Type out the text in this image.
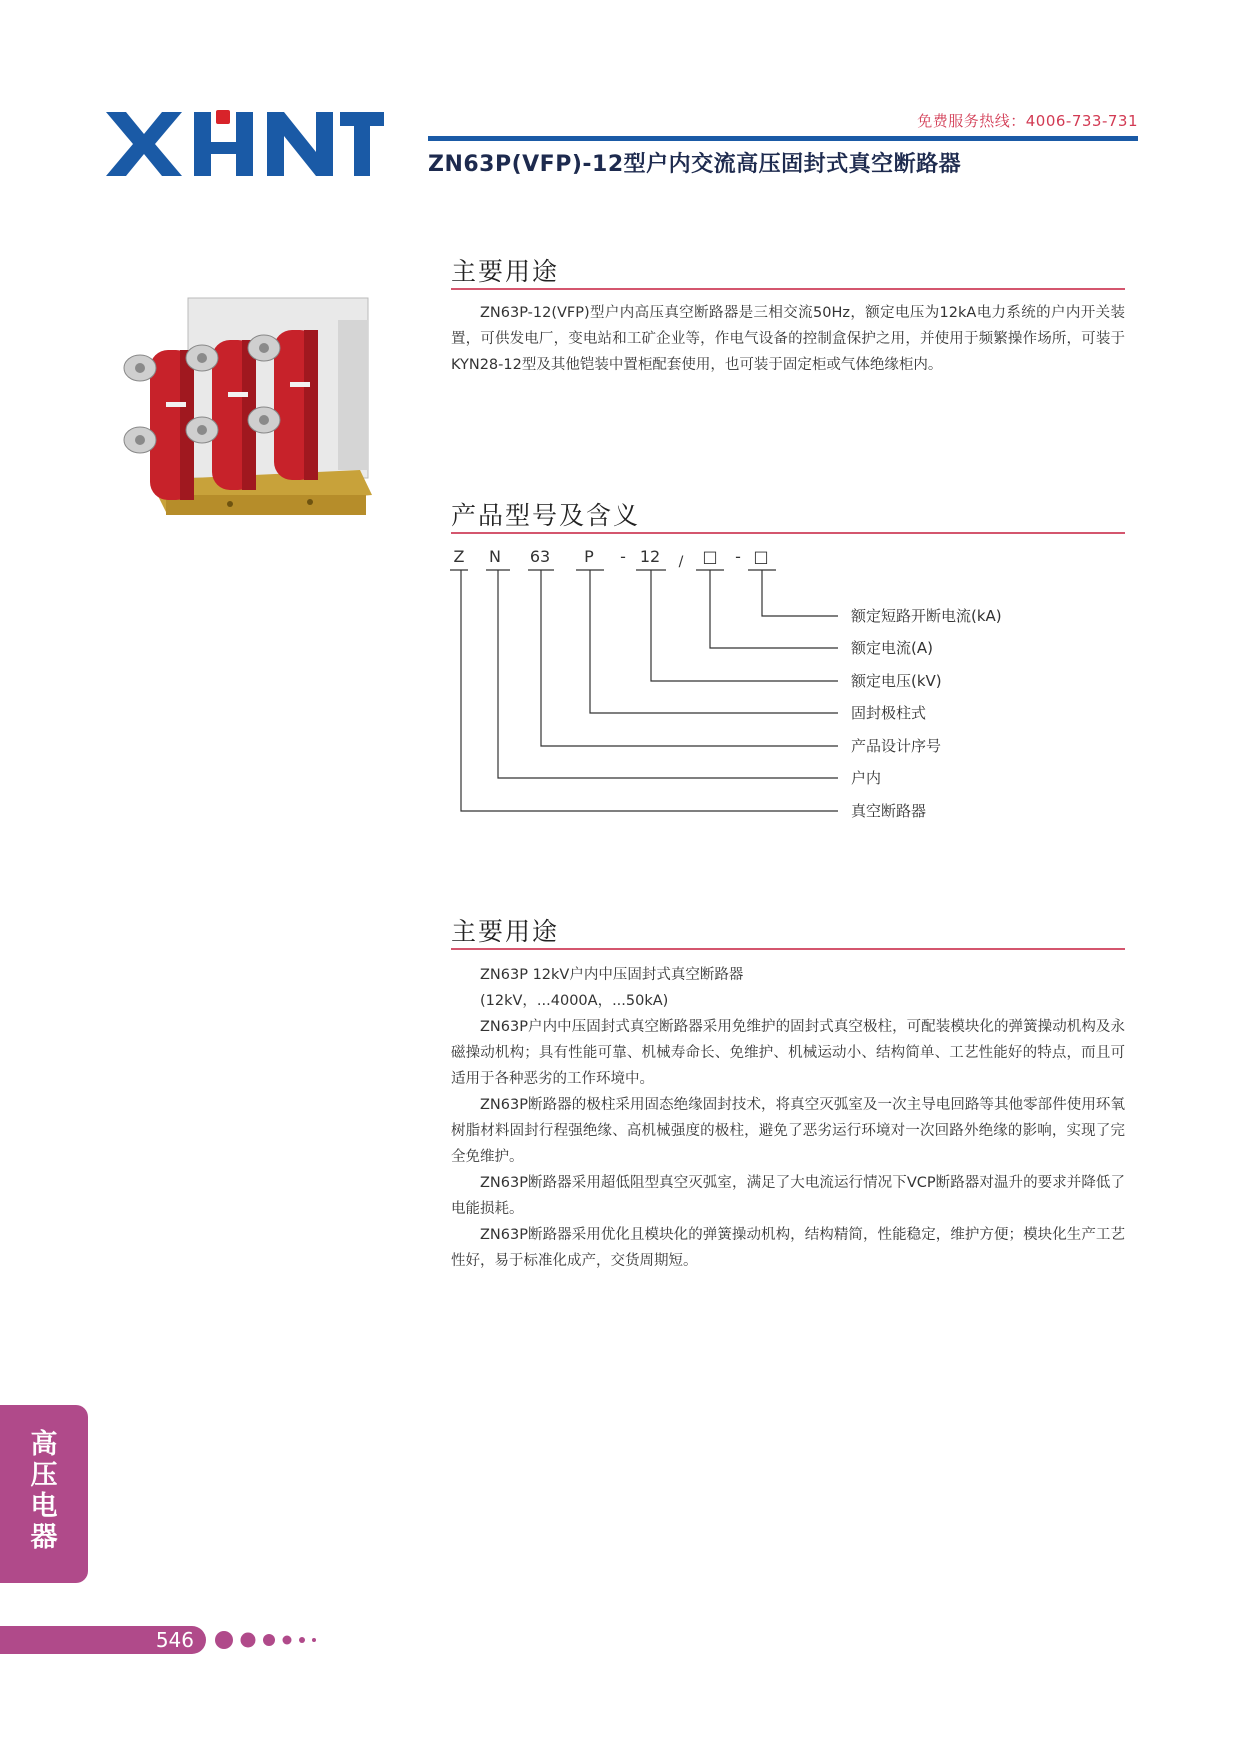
免费服务热线：4006-733-731
ZN63P(VFP)-12型户内交流高压固封式真空断路器
主要用途

ZN63P-12(VFP)型户内高压真空断路器是三相交流50Hz，额定电压为12kA电力系统的户内开关装置，可供发电厂，变电站和工矿企业等，作电气设备的控制盒保护之用，并使用于频繁操作场所，可装于KYN28-12型及其他铠装中置柜配套使用，也可装于固定柜或气体绝缘柜内。

产品型号及含义
Z N 63 P - 12 / □ - □
额定短路开断电流(kA)
额定电流(A)
额定电压(kV)
固封极柱式
产品设计序号
户内
真空断路器
主要用途

ZN63P 12kV户内中压固封式真空断路器

(12kV，...4000A，...50kA)

ZN63P户内中压固封式真空断路器采用免维护的固封式真空极柱，可配装模块化的弹簧操动机构及永磁操动机构；具有性能可靠、机械寿命长、免维护、机械运动小、结构简单、工艺性能好的特点，而且可适用于各种恶劣的工作环境中。

ZN63P断路器的极柱采用固态绝缘固封技术，将真空灭弧室及一次主导电回路等其他零部件使用环氧树脂材料固封行程强绝缘、高机械强度的极柱，避免了恶劣运行环境对一次回路外绝缘的影响，实现了完全免维护。

ZN63P断路器采用超低阻型真空灭弧室，满足了大电流运行情况下VCP断路器对温升的要求并降低了电能损耗。

ZN63P断路器采用优化且模块化的弹簧操动机构，结构精简，性能稳定，维护方便；模块化生产工艺性好，易于标准化成产，交货周期短。

高
压
电
器
546
